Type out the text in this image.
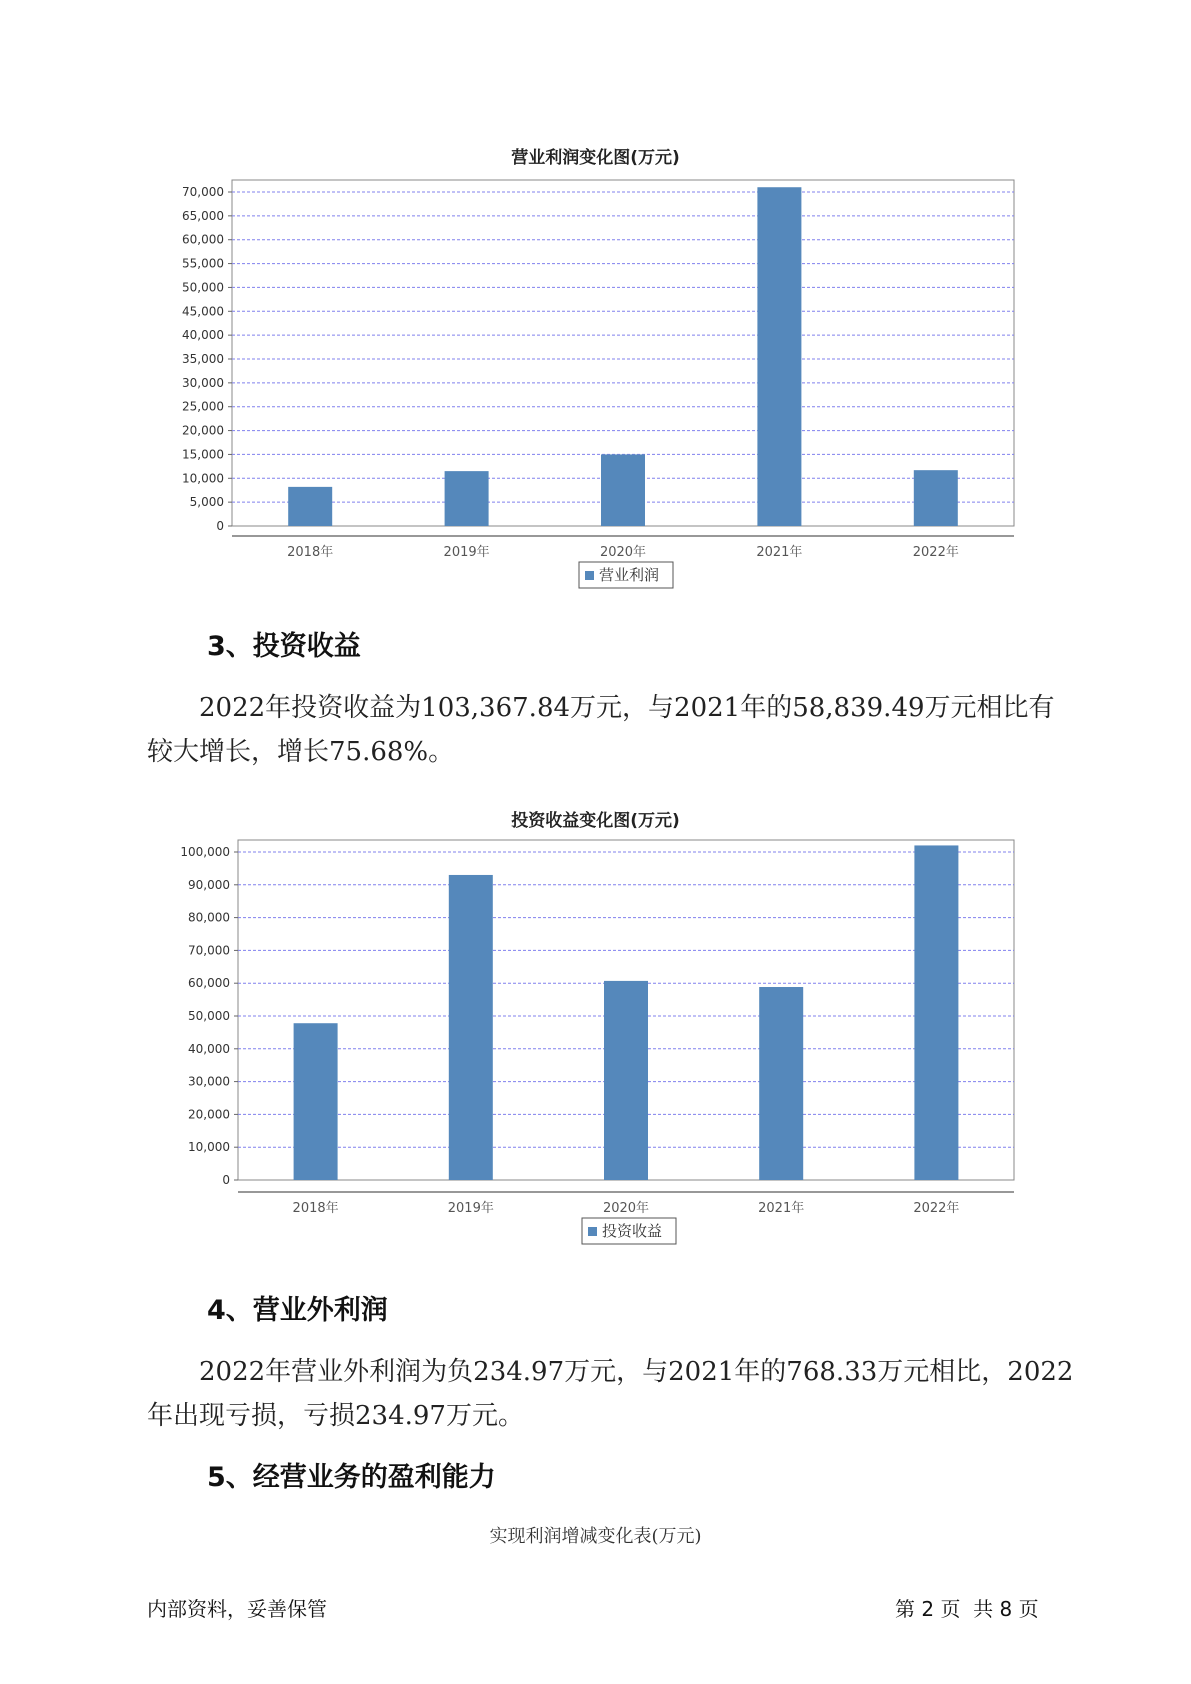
营业利润变化图(万元)
0
5,000
10,000
15,000
20,000
25,000
30,000
35,000
40,000
45,000
50,000
55,000
60,000
65,000
70,000
2018年	2019年	2020年	2021年	2022年
营业利润
3、投资收益
2022年投资收益为103,367.84万元，与2021年的58,839.49万元相比有
较大增长，增长75.68%。
投资收益变化图(万元)
0
10,000
20,000
30,000
40,000
50,000
60,000
70,000
80,000
90,000
100,000
2018年	2019年	2020年	2021年	2022年
投资收益
4、营业外利润
2022年营业外利润为负234.97万元，与2021年的768.33万元相比，2022
年出现亏损，亏损234.97万元。
5、经营业务的盈利能力
实现利润增减变化表(万元)
内部资料，妥善保管	第 2 页  共 8 页
